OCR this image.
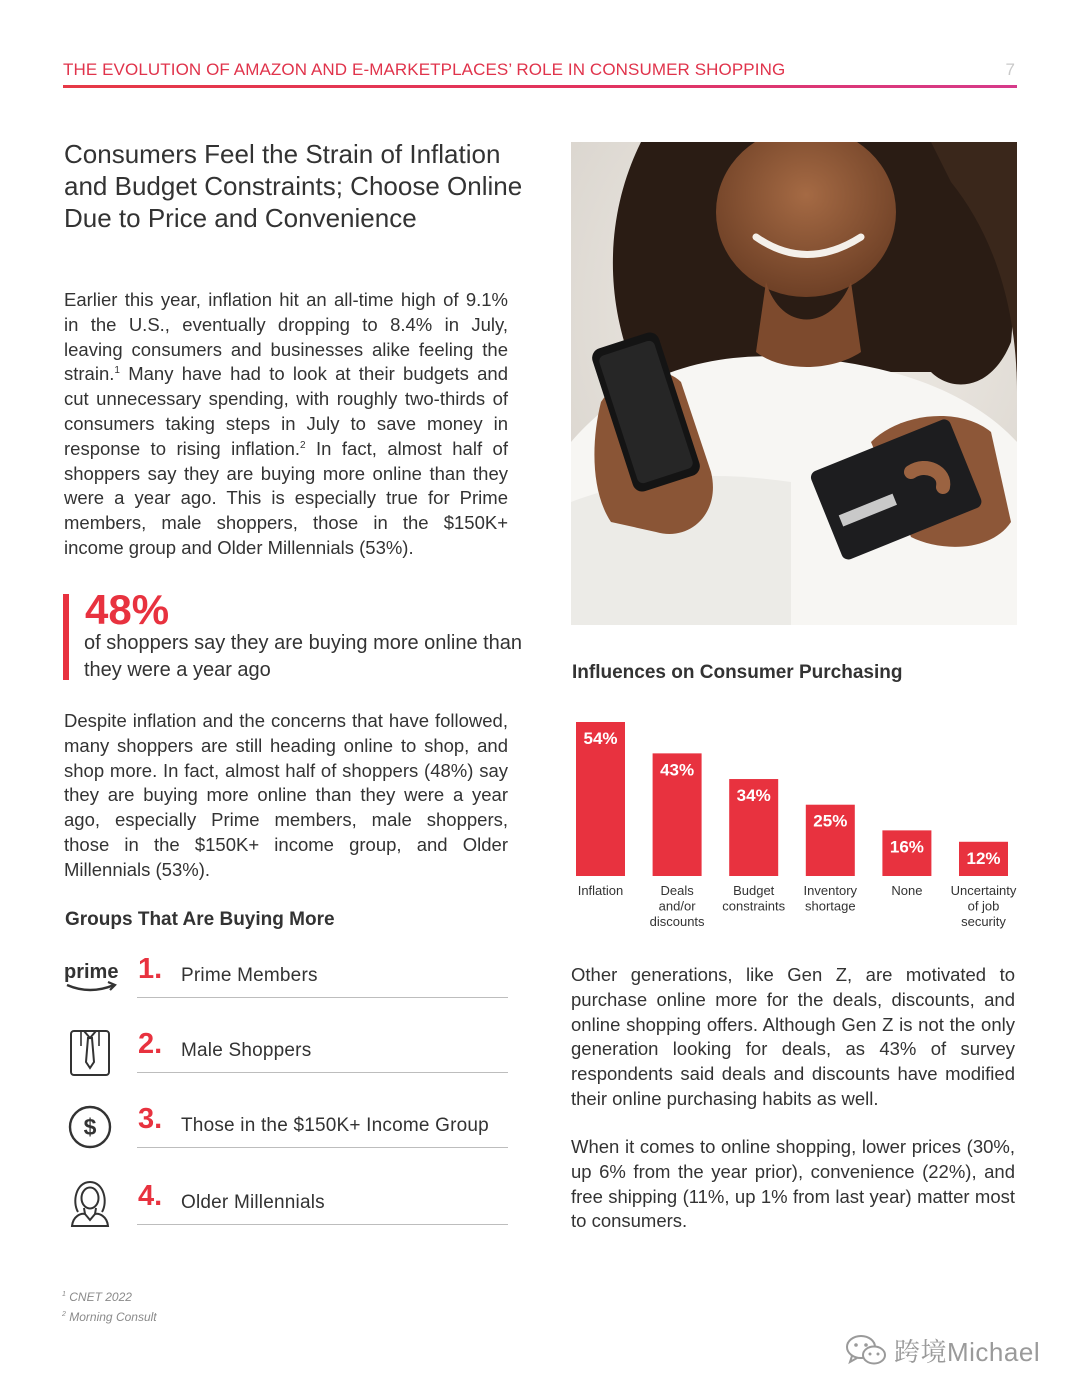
THE EVOLUTION OF AMAZON AND E-MARKETPLACES’ ROLE IN CONSUMER SHOPPING	7
Consumers Feel the Strain of Inflation and Budget Constraints; Choose Online Due to Price and Convenience

Earlier this year, inflation hit an all-time high of 9.1% in the U.S., eventually dropping to 8.4% in July, leaving consumers and businesses alike feeling the strain.$^1$ Many have had to look at their budgets and cut unnecessary spending, with roughly two-thirds of consumers taking steps in July to save money in response to rising inflation.$^2$ In fact, almost half of shoppers say they are buying more online than they were a year ago. This is especially true for Prime members, male shoppers, those in the $150K+ income group and Older Millennials (53%).

48%
of shoppers say they are buying more online than they were a year ago

Despite inflation and the concerns that have followed, many shoppers are still heading online to shop, and shop more. In fact, almost half of shoppers (48%) say they are buying more online than they were a year ago, especially Prime members, male shoppers, those in the $150K+ income group, and Older Millennials (53%).

Groups That Are Buying More
prime 1. Prime Members
2. Male Shoppers
$ 3. Those in the $150K+ Income Group
4. Older Millennials
Influences on Consumer Purchasing
54%
Inflation
43%
Deals and/or discounts
34%
Budget constraints
25%
Inventory shortage
16%
None
12%
Uncertainty of job security

Other generations, like Gen Z, are motivated to purchase online more for the deals, discounts, and online shopping offers. Although Gen Z is not the only generation looking for deals, as 43% of survey respondents said deals and discounts have modified their online purchasing habits as well.

When it comes to online shopping, lower prices (30%, up 6% from the year prior), convenience (22%), and free shipping (11%, up 1% from last year) matter most to consumers.

$^1$ CNET 2022
$^2$ Morning Consult
跨境Michael
